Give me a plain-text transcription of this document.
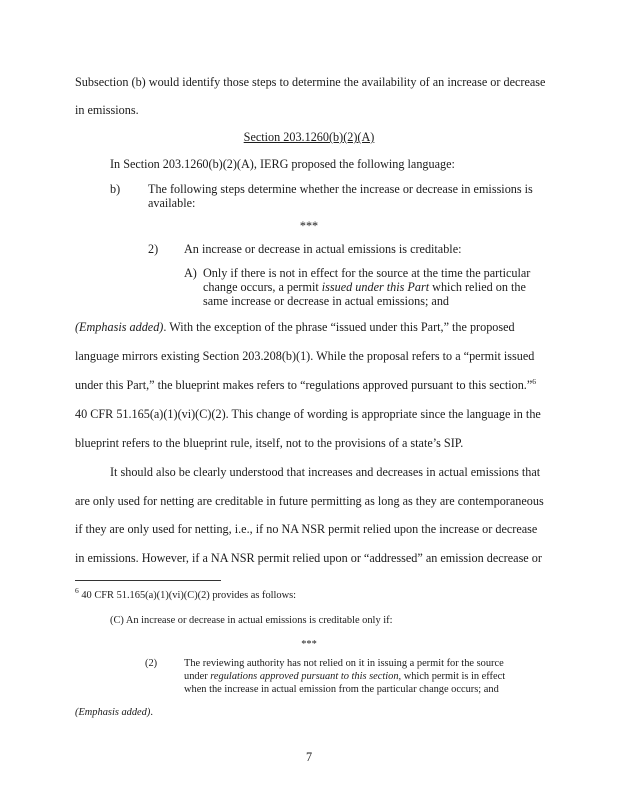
Subsection (b) would identify those steps to determine the availability of an increase or decrease
in emissions.
Section 203.1260(b)(2)(A)
In Section 203.1260(b)(2)(A), IERG proposed the following language:
b) The following steps determine whether the increase or decrease in emissions is
available:
***
2) An increase or decrease in actual emissions is creditable:
A) Only if there is not in effect for the source at the time the particular
change occurs, a permit issued under this Part which relied on the
same increase or decrease in actual emissions; and
(Emphasis added). With the exception of the phrase “issued under this Part,” the proposed
language mirrors existing Section 203.208(b)(1). While the proposal refers to a “permit issued
under this Part,” the blueprint makes refers to “regulations approved pursuant to this section.”$^6$
40 CFR 51.165(a)(1)(vi)(C)(2). This change of wording is appropriate since the language in the
blueprint refers to the blueprint rule, itself, not to the provisions of a state’s SIP.
It should also be clearly understood that increases and decreases in actual emissions that
are only used for netting are creditable in future permitting as long as they are contemporaneous
if they are only used for netting, i.e., if no NA NSR permit relied upon the increase or decrease
in emissions. However, if a NA NSR permit relied upon or “addressed” an emission decrease or
$^6$ 40 CFR 51.165(a)(1)(vi)(C)(2) provides as follows:
(C) An increase or decrease in actual emissions is creditable only if:
***
(2)	The reviewing authority has not relied on it in issuing a permit for the source
under regulations approved pursuant to this section, which permit is in effect
when the increase in actual emission from the particular change occurs; and
(Emphasis added).
7
